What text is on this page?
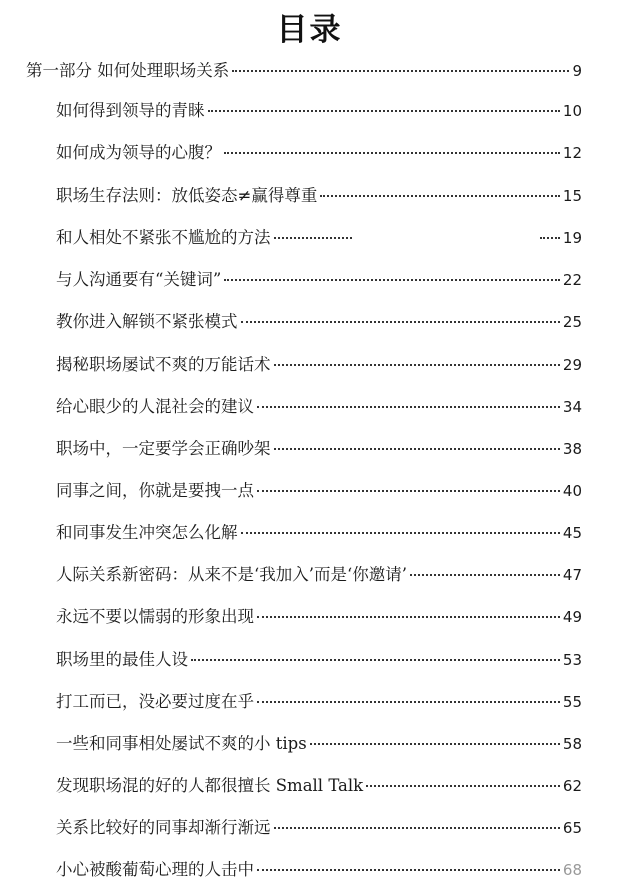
目录
第一部分 如何处理职场关系	9
如何得到领导的青睐	10
如何成为领导的心腹？	12
职场生存法则：放低姿态≠赢得尊重	15
和人相处不紧张不尴尬的方法	19
与人沟通要有“关键词”	22
教你进入解锁不紧张模式	25
揭秘职场屡试不爽的万能话术	29
给心眼少的人混社会的建议	34
职场中，一定要学会正确吵架	38
同事之间，你就是要拽一点	40
和同事发生冲突怎么化解	45
人际关系新密码：从来不是‘我加入’而是‘你邀请’	47
永远不要以懦弱的形象出现	49
职场里的最佳人设	53
打工而已，没必要过度在乎	55
一些和同事相处屡试不爽的小 tips	58
发现职场混的好的人都很擅长 Small Talk	62
关系比较好的同事却渐行渐远	65
小心被酸葡萄心理的人击中	68
